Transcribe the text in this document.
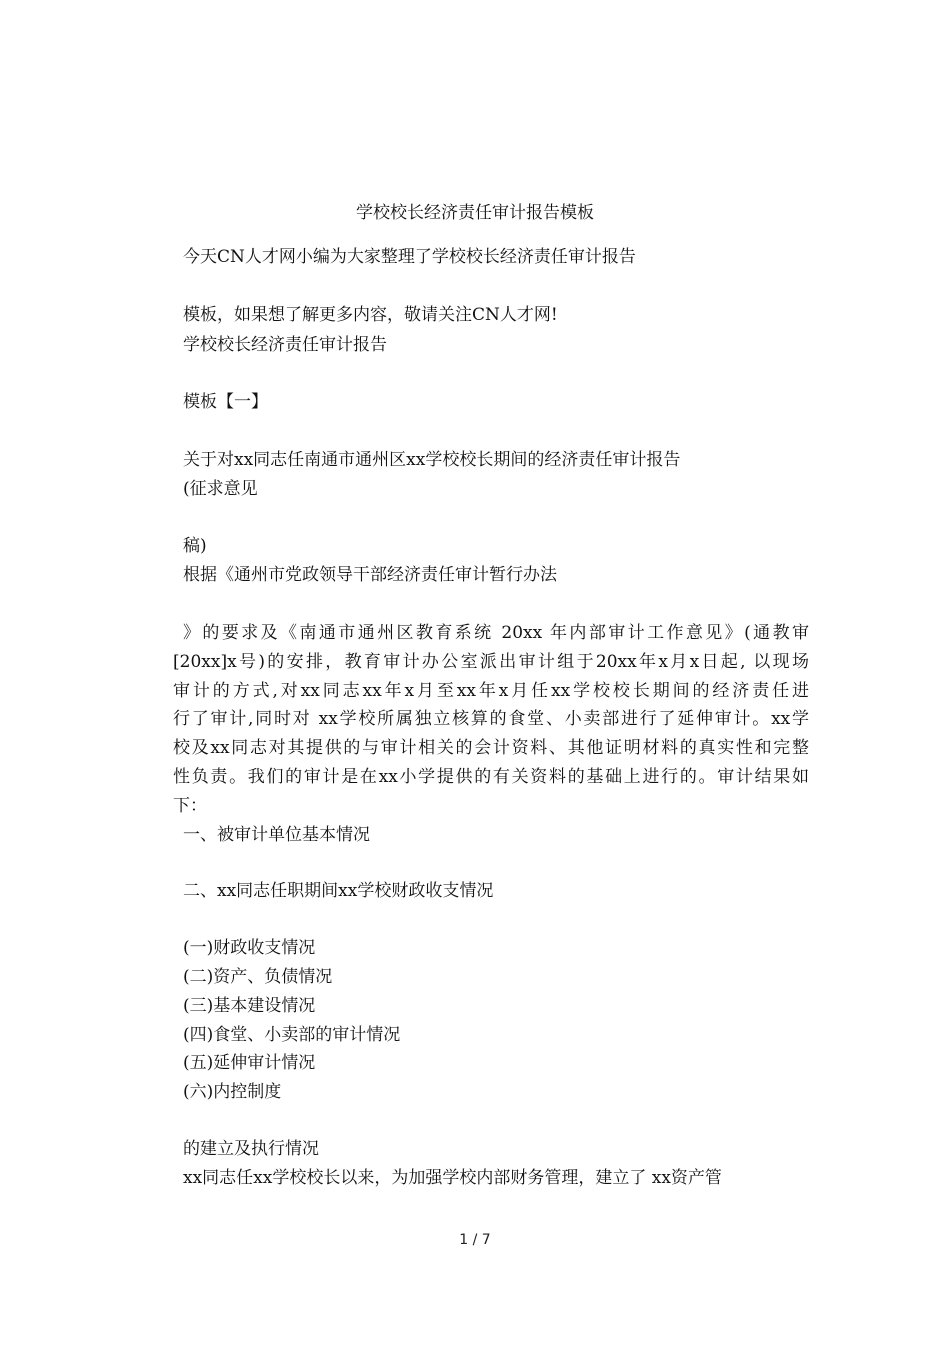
学校校长经济责任审计报告模板
今天CN人才网小编为大家整理了学校校长经济责任审计报告
模板，如果想了解更多内容，敬请关注CN人才网!
学校校长经济责任审计报告
模板【一】
关于对xx同志任南通市通州区xx学校校长期间的经济责任审计报告
(征求意见
稿)
根据《通州市党政领导干部经济责任审计暂行办法
》的要求及《南通市通州区教育系统 20xx 年内部审计工作意见》(通教审
[20xx]x号)的安排，教育审计办公室派出审计组于20xx年x月x日起, 以现场
审计的方式,对xx同志xx年x月至xx年x月任xx学校校长期间的经济责任进
行了审计,同时对 xx学校所属独立核算的食堂、小卖部进行了延伸审计。xx学
校及xx同志对其提供的与审计相关的会计资料、其他证明材料的真实性和完整
性负责。我们的审计是在xx小学提供的有关资料的基础上进行的。审计结果如
下：
一、被审计单位基本情况
二、xx同志任职期间xx学校财政收支情况
(一)财政收支情况
(二)资产、负债情况
(三)基本建设情况
(四)食堂、小卖部的审计情况
(五)延伸审计情况
(六)内控制度
的建立及执行情况
xx同志任xx学校校长以来，为加强学校内部财务管理，建立了 xx资产管
1 / 7
